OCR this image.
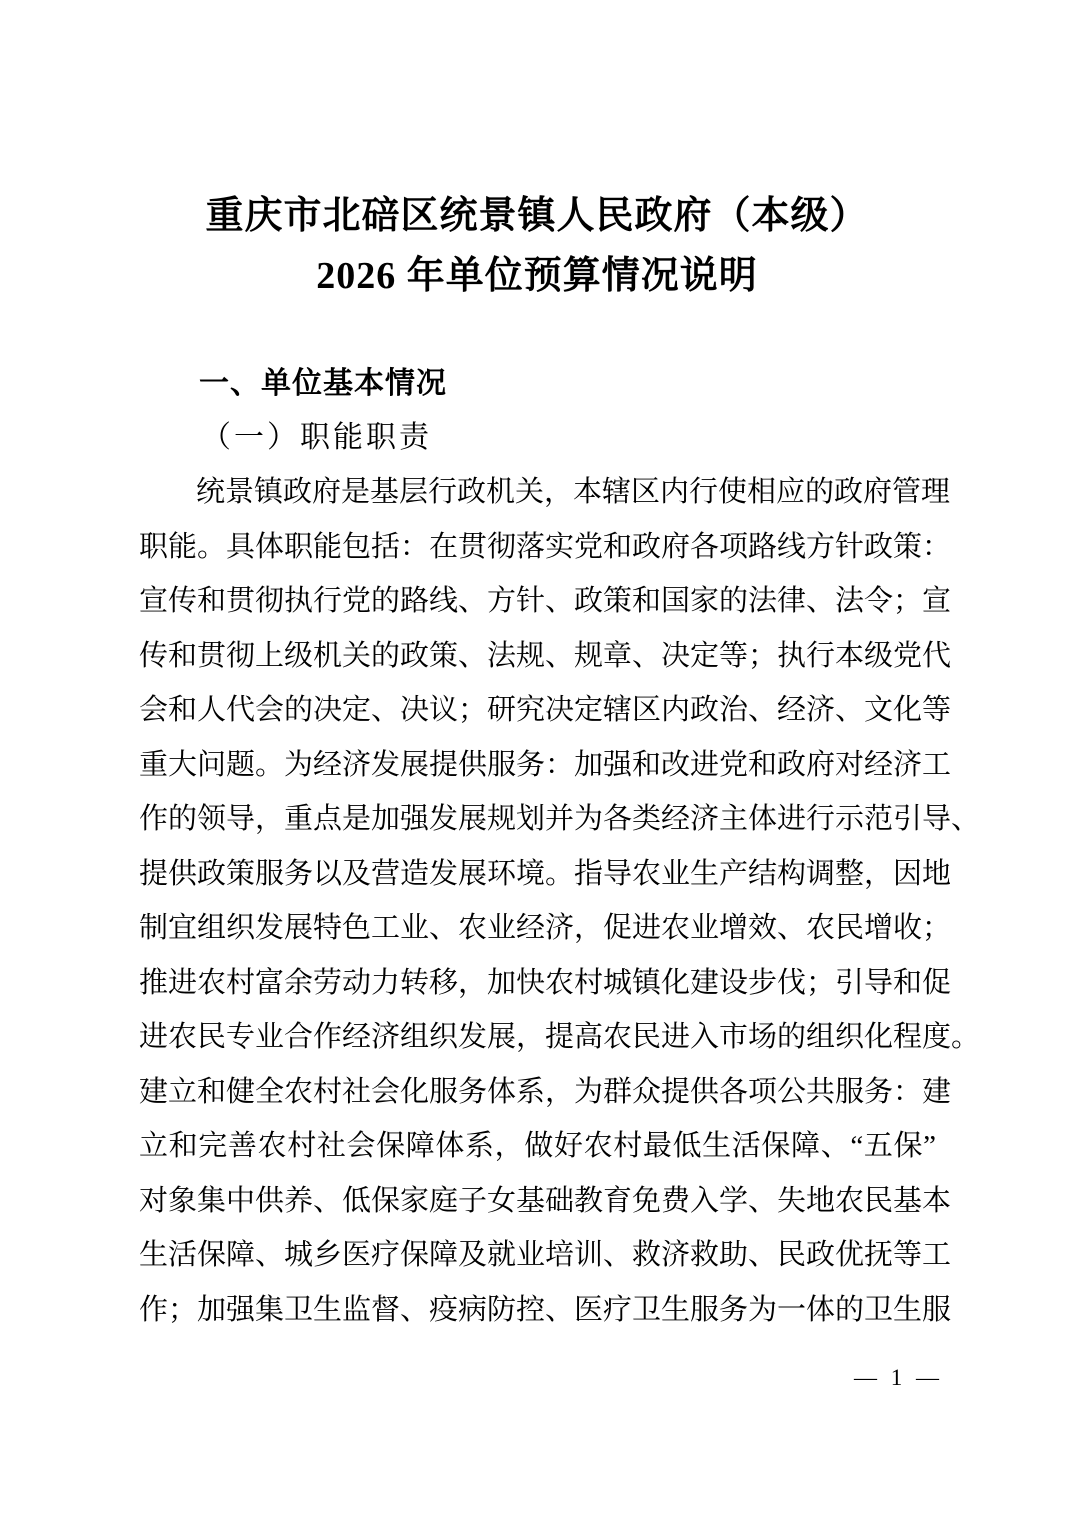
重庆市北碚区统景镇人民政府（本级）
2026 年单位预算情况说明
一、单位基本情况
（一）职能职责
统景镇政府是基层行政机关，本辖区内行使相应的政府管理
职能。具体职能包括：在贯彻落实党和政府各项路线方针政策：
宣传和贯彻执行党的路线、方针、政策和国家的法律、法令；宣
传和贯彻上级机关的政策、法规、规章、决定等；执行本级党代
会和人代会的决定、决议；研究决定辖区内政治、经济、文化等
重大问题。为经济发展提供服务：加强和改进党和政府对经济工
作的领导，重点是加强发展规划并为各类经济主体进行示范引导、
提供政策服务以及营造发展环境。指导农业生产结构调整，因地
制宜组织发展特色工业、农业经济，促进农业增效、农民增收；
推进农村富余劳动力转移，加快农村城镇化建设步伐；引导和促
进农民专业合作经济组织发展，提高农民进入市场的组织化程度。
建立和健全农村社会化服务体系，为群众提供各项公共服务：建
立和完善农村社会保障体系，做好农村最低生活保障、“五保”
对象集中供养、低保家庭子女基础教育免费入学、失地农民基本
生活保障、城乡医疗保障及就业培训、救济救助、民政优抚等工
作；加强集卫生监督、疫病防控、医疗卫生服务为一体的卫生服
— 1 —
